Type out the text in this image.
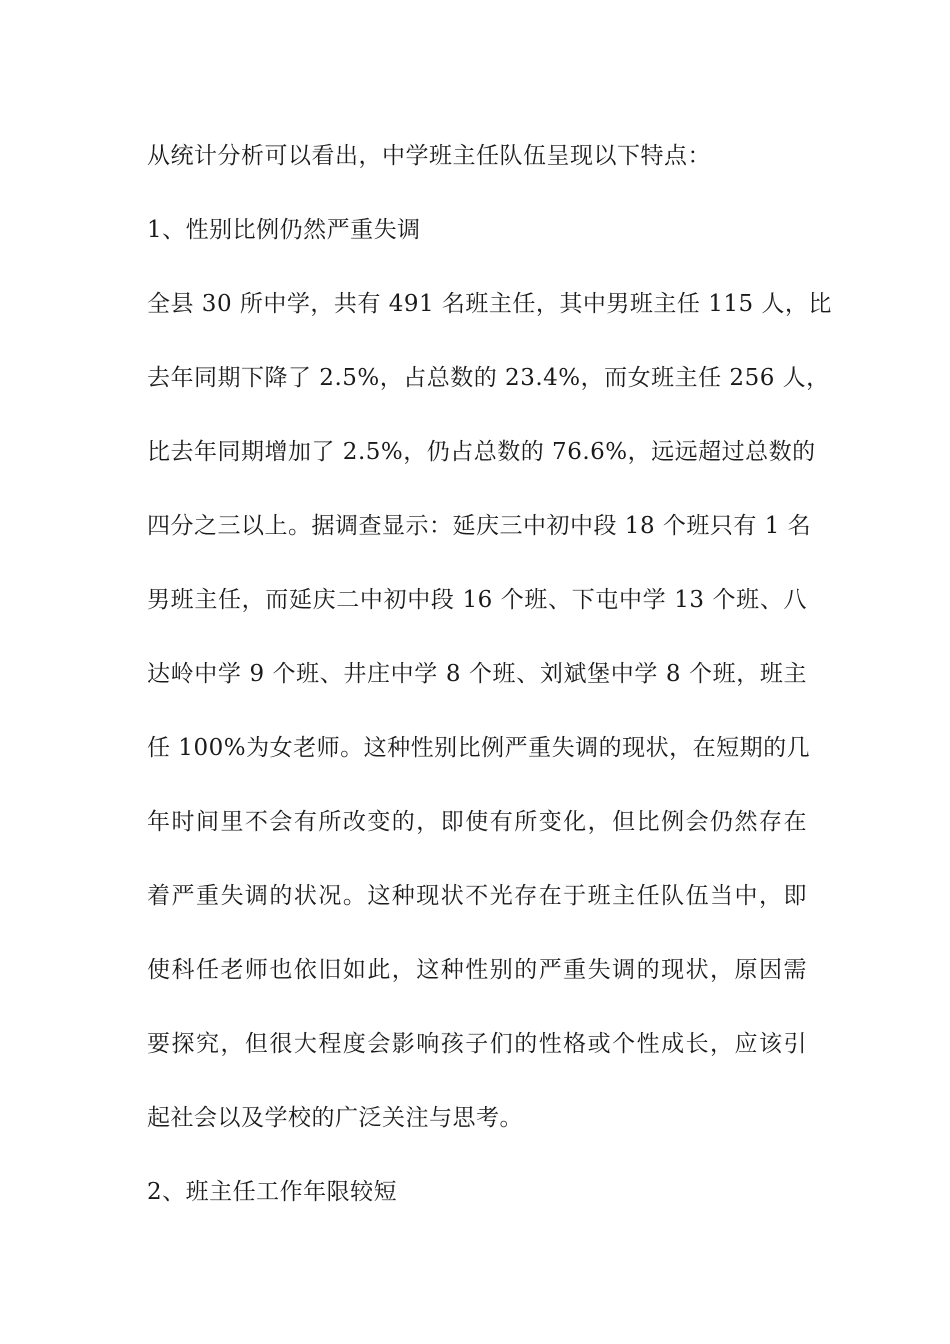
从统计分析可以看出，中学班主任队伍呈现以下特点：
1、性别比例仍然严重失调
全县 30 所中学，共有 491 名班主任，其中男班主任 115 人，比
去年同期下降了 2.5%，占总数的 23.4%，而女班主任 256 人，
比去年同期增加了 2.5%，仍占总数的 76.6%，远远超过总数的
四分之三以上。据调查显示：延庆三中初中段 18 个班只有 1 名
男班主任，而延庆二中初中段 16 个班、下屯中学 13 个班、八
达岭中学 9 个班、井庄中学 8 个班、刘斌堡中学 8 个班，班主
任 100%为女老师。这种性别比例严重失调的现状，在短期的几
年时间里不会有所改变的，即使有所变化，但比例会仍然存在
着严重失调的状况。这种现状不光存在于班主任队伍当中，即
使科任老师也依旧如此，这种性别的严重失调的现状，原因需
要探究，但很大程度会影响孩子们的性格或个性成长，应该引
起社会以及学校的广泛关注与思考。
2、班主任工作年限较短
